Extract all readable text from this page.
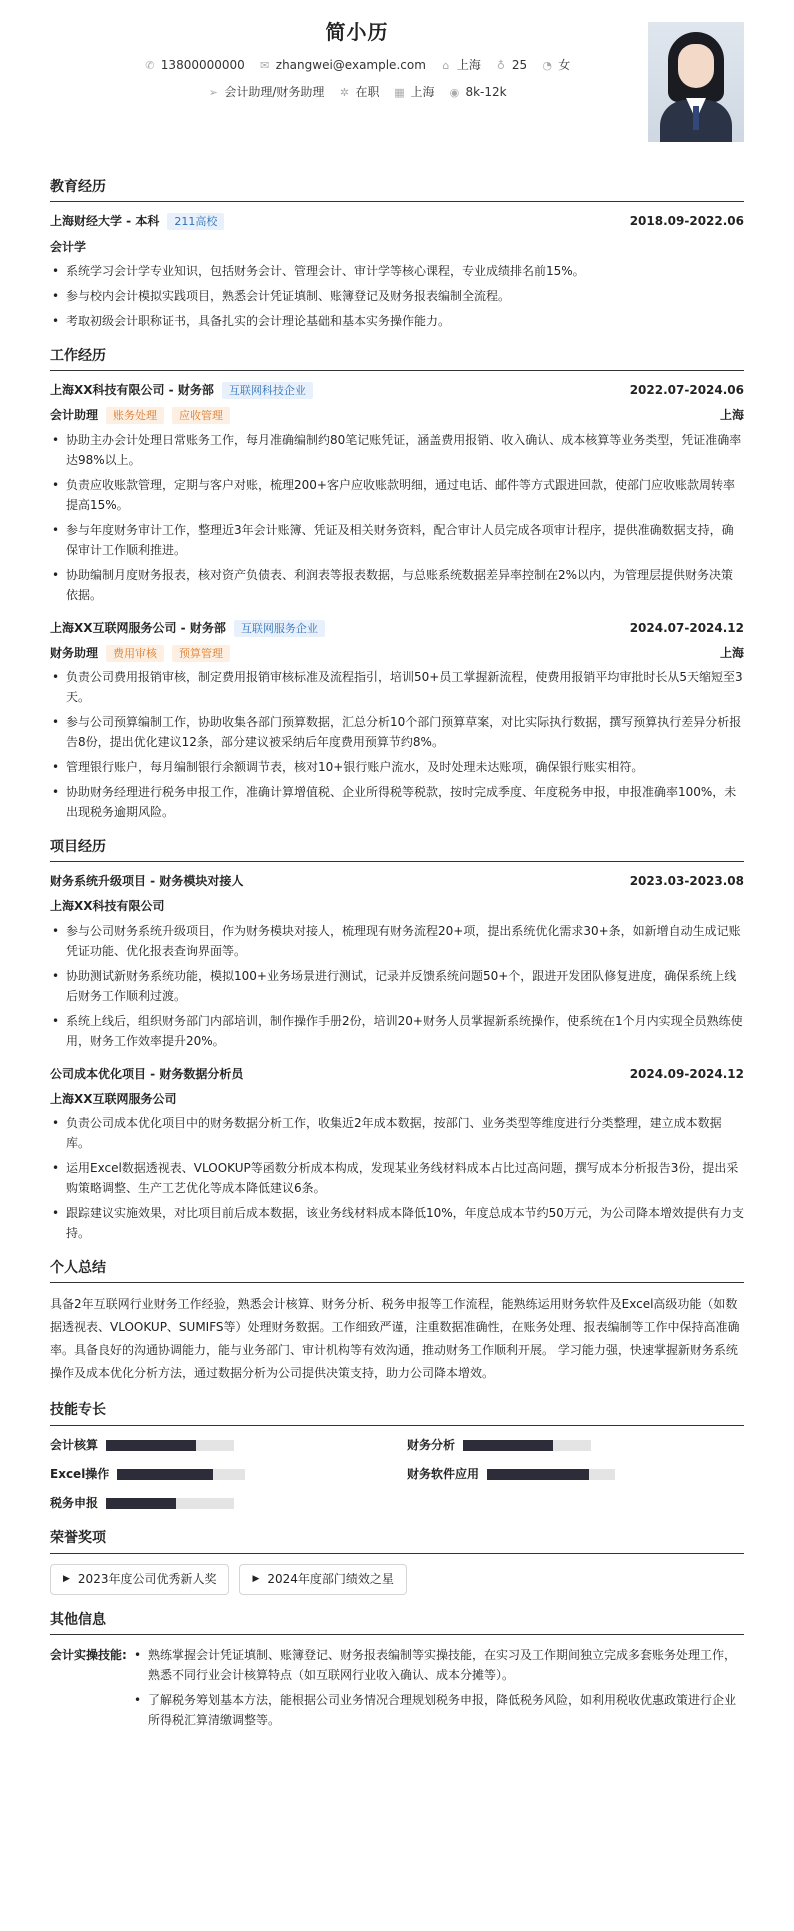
简小历
✆ 13800000000 ✉ zhangwei@example.com ⌂ 上海 ♁ 25 ◔ 女
➢ 会计助理/财务助理 ✲ 在职 ▦ 上海 ◉ 8k-12k
教育经历
上海财经大学 - 本科 211高校	2018.09-2022.06
会计学
• 系统学习会计学专业知识，包括财务会计、管理会计、审计学等核心课程，专业成绩排名前15%。
• 参与校内会计模拟实践项目，熟悉会计凭证填制、账簿登记及财务报表编制全流程。
• 考取初级会计职称证书，具备扎实的会计理论基础和基本实务操作能力。
工作经历
上海XX科技有限公司 - 财务部 互联网科技企业	2022.07-2024.06
会计助理 账务处理 应收管理	上海
• 协助主办会计处理日常账务工作，每月准确编制约80笔记账凭证，涵盖费用报销、收入确认、成本核算等业务类型，凭证准确率达98%以上。
• 负责应收账款管理，定期与客户对账，梳理200+客户应收账款明细，通过电话、邮件等方式跟进回款，使部门应收账款周转率提高15%。
• 参与年度财务审计工作，整理近3年会计账簿、凭证及相关财务资料，配合审计人员完成各项审计程序，提供准确数据支持，确保审计工作顺利推进。
• 协助编制月度财务报表，核对资产负债表、利润表等报表数据，与总账系统数据差异率控制在2%以内，为管理层提供财务决策依据。
上海XX互联网服务公司 - 财务部 互联网服务企业	2024.07-2024.12
财务助理 费用审核 预算管理	上海
• 负责公司费用报销审核，制定费用报销审核标准及流程指引，培训50+员工掌握新流程，使费用报销平均审批时长从5天缩短至3天。
• 参与公司预算编制工作，协助收集各部门预算数据，汇总分析10个部门预算草案，对比实际执行数据，撰写预算执行差异分析报告8份，提出优化建议12条，部分建议被采纳后年度费用预算节约8%。
• 管理银行账户，每月编制银行余额调节表，核对10+银行账户流水，及时处理未达账项，确保银行账实相符。
• 协助财务经理进行税务申报工作，准确计算增值税、企业所得税等税款，按时完成季度、年度税务申报，申报准确率100%，未出现税务逾期风险。
项目经历
财务系统升级项目 - 财务模块对接人	2023.03-2023.08
上海XX科技有限公司
• 参与公司财务系统升级项目，作为财务模块对接人，梳理现有财务流程20+项，提出系统优化需求30+条，如新增自动生成记账凭证功能、优化报表查询界面等。
• 协助测试新财务系统功能，模拟100+业务场景进行测试，记录并反馈系统问题50+个，跟进开发团队修复进度，确保系统上线后财务工作顺利过渡。
• 系统上线后，组织财务部门内部培训，制作操作手册2份，培训20+财务人员掌握新系统操作，使系统在1个月内实现全员熟练使用，财务工作效率提升20%。
公司成本优化项目 - 财务数据分析员	2024.09-2024.12
上海XX互联网服务公司
• 负责公司成本优化项目中的财务数据分析工作，收集近2年成本数据，按部门、业务类型等维度进行分类整理，建立成本数据库。
• 运用Excel数据透视表、VLOOKUP等函数分析成本构成，发现某业务线材料成本占比过高问题，撰写成本分析报告3份，提出采购策略调整、生产工艺优化等成本降低建议6条。
• 跟踪建议实施效果，对比项目前后成本数据，该业务线材料成本降低10%，年度总成本节约50万元，为公司降本增效提供有力支持。
个人总结
具备2年互联网行业财务工作经验，熟悉会计核算、财务分析、税务申报等工作流程，能熟练运用财务软件及Excel高级功能（如数据透视表、VLOOKUP、SUMIFS等）处理财务数据。工作细致严谨，注重数据准确性，在账务处理、报表编制等工作中保持高准确率。具备良好的沟通协调能力，能与业务部门、审计机构等有效沟通，推动财务工作顺利开展。 学习能力强，快速掌握新财务系统操作及成本优化分析方法，通过数据分析为公司提供决策支持，助力公司降本增效。
技能专长
会计核算	财务分析
Excel操作	财务软件应用
税务申报
荣誉奖项
▶ 2023年度公司优秀新人奖	▶ 2024年度部门绩效之星
其他信息
会计实操技能:
•	熟练掌握会计凭证填制、账簿登记、财务报表编制等实操技能，在实习及工作期间独立完成多套账务处理工作，熟悉不同行业会计核算特点（如互联网行业收入确认、成本分摊等）。
• 了解税务筹划基本方法，能根据公司业务情况合理规划税务申报，降低税务风险，如利用税收优惠政策进行企业所得税汇算清缴调整等。
